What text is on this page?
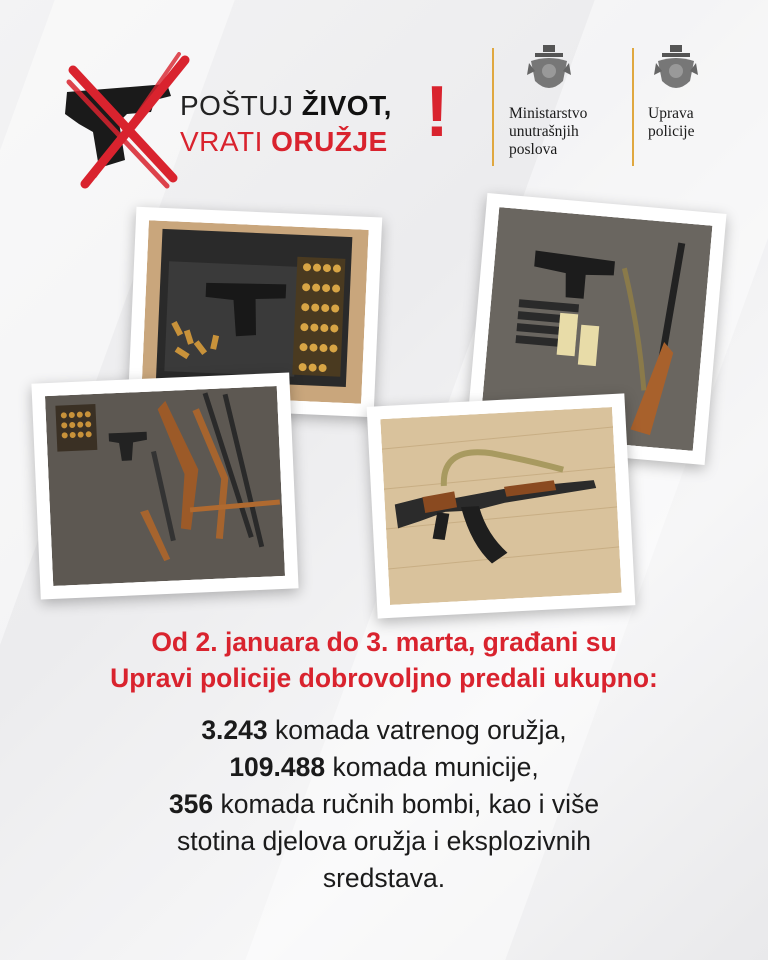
POŠTUJ ŽIVOT,
VRATI ORUŽJE !	Ministarstvo
unutrašnjih
poslova
Uprava
policije
Od 2. januara do 3. marta, građani su
Upravi policije dobrovoljno predali ukupno:
3.243 komada vatrenog oružja,
109.488 komada municije,
356 komada ručnih bombi, kao i više
stotina djelova oružja i eksplozivnih
sredstava.
